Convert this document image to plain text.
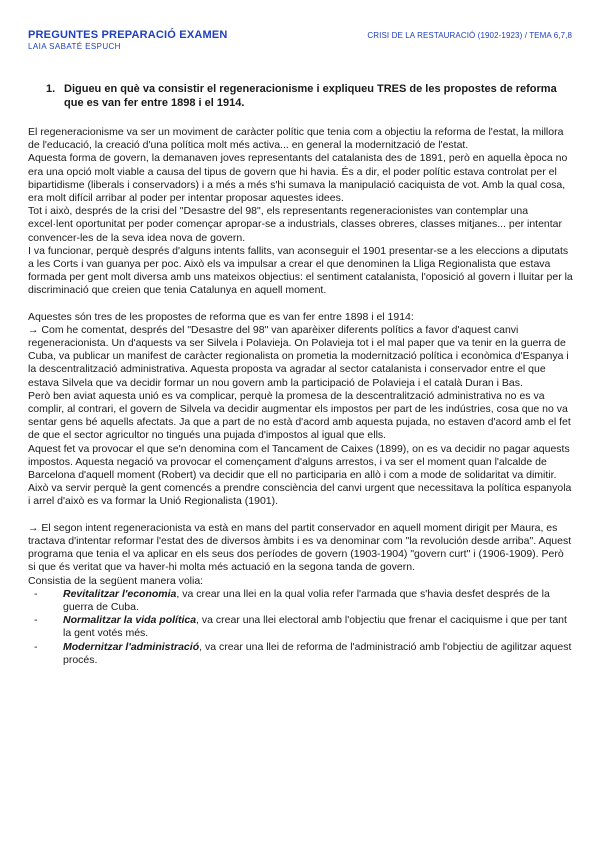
PREGUNTES PREPARACIÓ EXAMEN
LAIA SABATÉ ESPUCH
CRISI DE LA RESTAURACIÓ (1902-1923) / TEMA 6,7,8
1. Digueu en què va consistir el regeneracionisme i expliqueu TRES de les propostes de reforma que es van fer entre 1898 i el 1914.

El regeneracionisme va ser un moviment de caràcter polític que tenia com a objectiu la reforma de l'estat, la millora de l'educació, la creació d'una política molt més activa... en general la modernització de l'estat.

Aquesta forma de govern, la demanaven joves representants del catalanista des de 1891, però en aquella època no era una opció molt viable a causa del tipus de govern que hi havia. És a dir, el poder polític estava controlat per el bipartidisme (liberals i conservadors) i a més a més s'hi sumava la manipulació caciquista de vot. Amb la qual cosa, era molt difícil arribar al poder per intentar proposar aquestes idees.

Tot i això, després de la crisi del "Desastre del 98", els representants regeneracionistes van contemplar una excel·lent oportunitat per poder començar apropar-se a industrials, classes obreres, classes mitjanes... per intentar convencer-les de la seva idea nova de govern.

I va funcionar, perquè després d'alguns intents fallits, van aconseguir el 1901 presentar-se a les eleccions a diputats a les Corts i van guanya per poc. Això els va impulsar a crear el que denominen la Lliga Regionalista que estava formada per gent molt diversa amb uns mateixos objectius: el sentiment catalanista, l'oposició al govern i lluitar per la discriminació que creien que tenia Catalunya en aquell moment.

Aquestes són tres de les propostes de reforma que es van fer entre 1898 i el 1914:

→ Com he comentat, després del "Desastre del 98" van aparèixer diferents polítics a favor d'aquest canvi regeneracionista. Un d'aquests va ser Silvela i Polavieja. On Polavieja tot i el mal paper que va tenir en la guerra de Cuba, va publicar un manifest de caràcter regionalista on prometia la modernització política i econòmica d'Espanya i la descentralització administrativa. Aquesta proposta va agradar al sector catalanista i conservador entre el que estava Silvela que va decidir formar un nou govern amb la participació de Polavieja i el català Duran i Bas.

Però ben aviat aquesta unió es va complicar, perquè la promesa de la descentralització administrativa no es va complir, al contrari, el govern de Silvela va decidir augmentar els impostos per part de les indústries, cosa que no va sentar gens bé aquells afectats. Ja que a part de no està d'acord amb aquesta pujada, no estaven d'acord amb el fet de que el sector agricultor no tingués una pujada d'impostos al igual que ells.

Aquest fet va provocar el que se'n denomina com el Tancament de Caixes (1899), on es va decidir no pagar aquests impostos. Aquesta negació va provocar el començament d'alguns arrestos, i va ser el moment quan l'alcalde de Barcelona d'aquell moment (Robert) va decidir que ell no participaria en allò i com a mode de solidaritat va dimitir.

Això va servir perquè la gent comencés a prendre consciència del canvi urgent que necessitava la política espanyola i arrel d'això es va formar la Unió Regionalista (1901).

→ El segon intent regeneracionista va està en mans del partit conservador en aquell moment dirigit per Maura, es tractava d'intentar reformar l'estat des de diversos àmbits i es va denominar com "la revolución desde arriba". Aquest programa que tenia el va aplicar en els seus dos períodes de govern (1903-1904) "govern curt" i (1906-1909). Però si que és veritat que va haver-hi molta més actuació en la segona tanda de govern.

Consistia de la següent manera volia:

- Revitalitzar l'economia, va crear una llei en la qual volia refer l'armada que s'havia desfet després de la guerra de Cuba.
- Normalitzar la vida política, va crear una llei electoral amb l'objectiu que frenar el caciquisme i que per tant la gent votés més.
- Modernitzar l'administració, va crear una llei de reforma de l'administració amb l'objectiu de agilitzar aquest procés.
